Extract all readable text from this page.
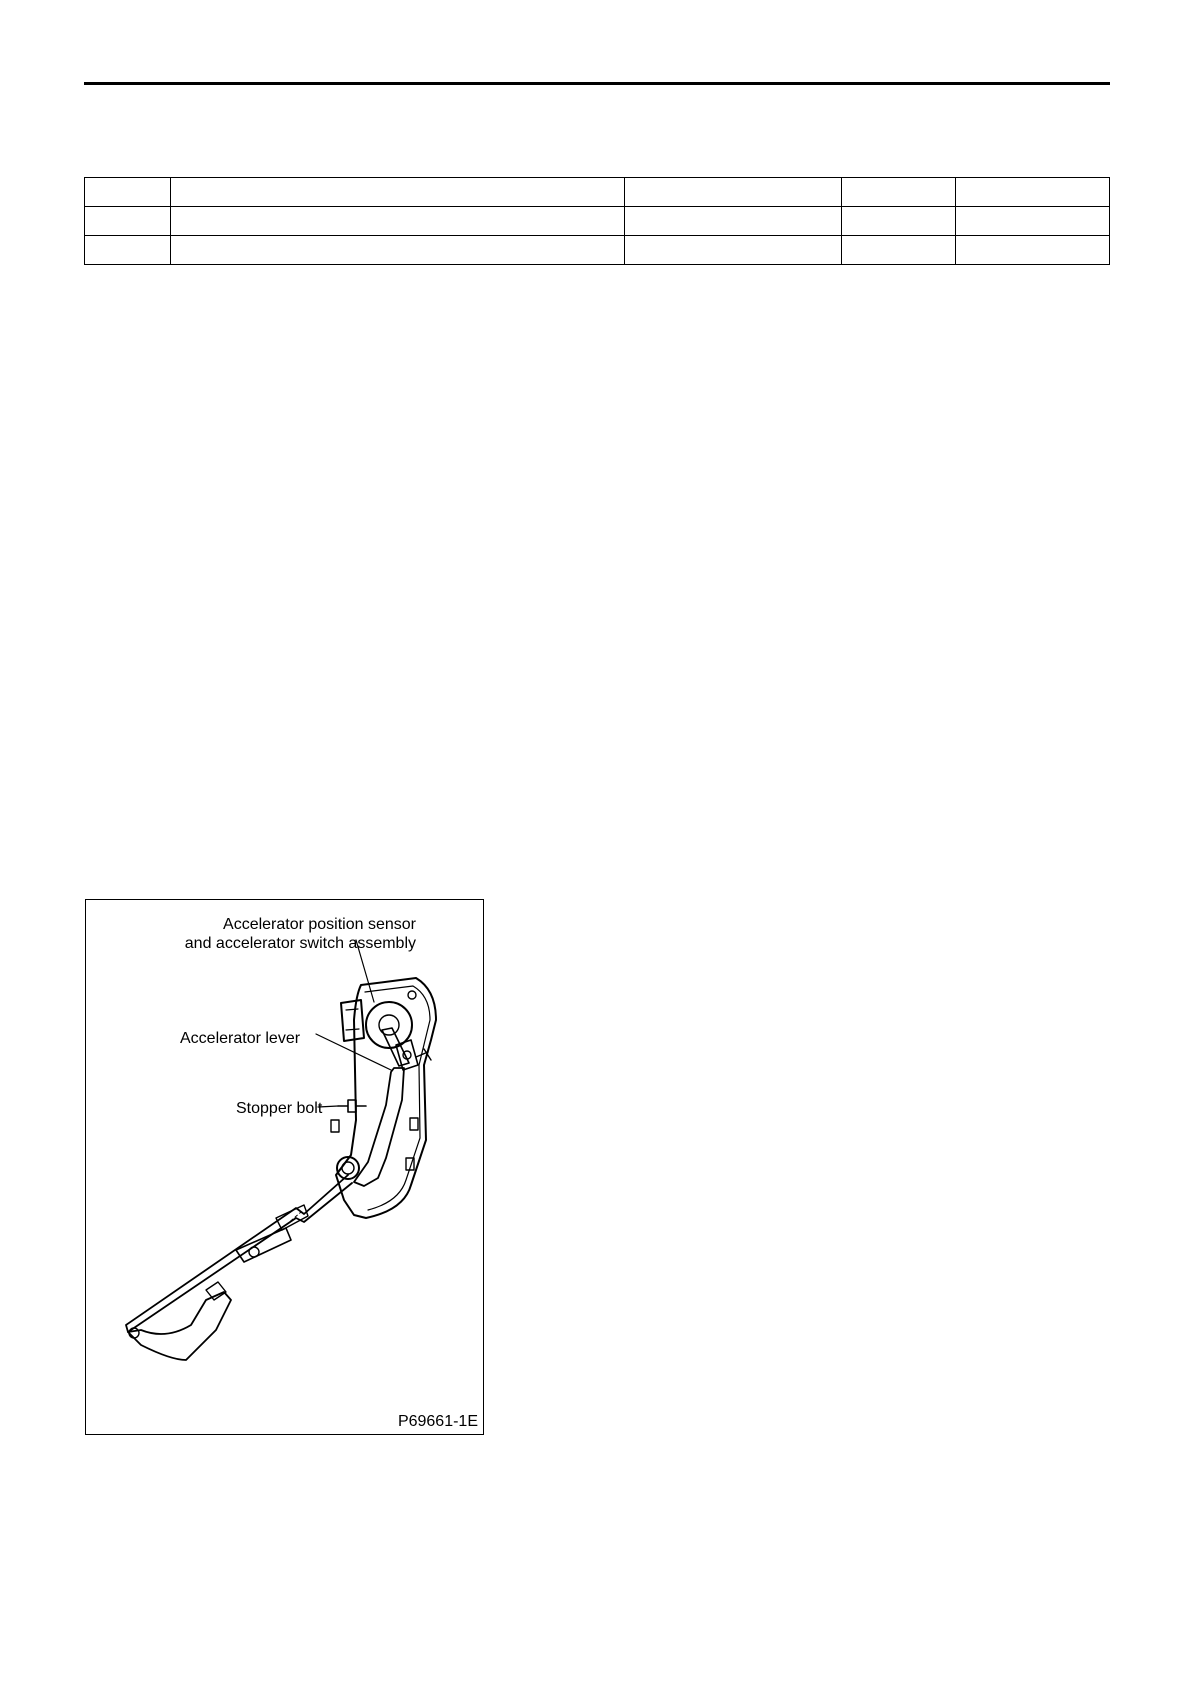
Accelerator position sensor
and accelerator switch assembly
Accelerator lever
Stopper bolt
P69661-1E
